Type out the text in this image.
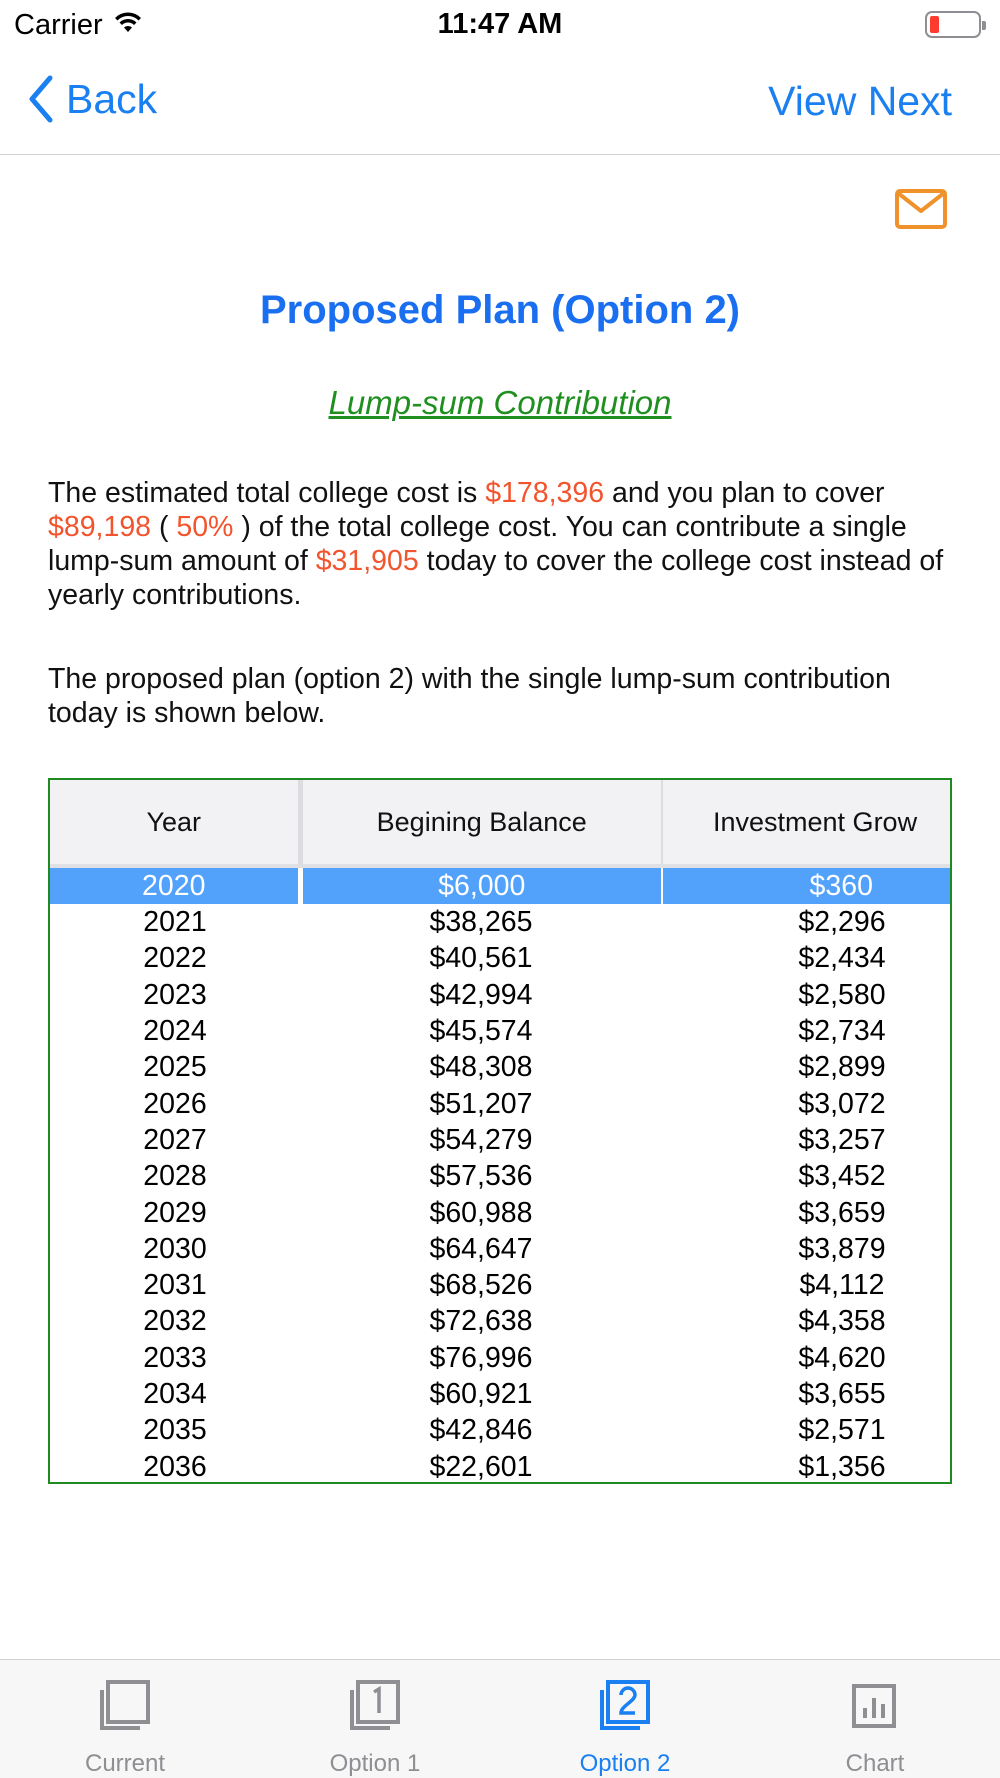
Carrier	11:47 AM
Back	View Next
Proposed Plan (Option 2)
Lump-sum Contribution
The estimated total college cost is $178,396 and you plan to cover $89,198 ( 50% ) of the total college cost. You can contribute a single lump-sum amount of $31,905 today to cover the college cost instead of yearly contributions.
The proposed plan (option 2) with the single lump-sum contribution today is shown below.
Year	Begining Balance	Investment Grow	
2020	$6,000	$360	
2021	$38,265	$2,296	
2022	$40,561	$2,434	
2023	$42,994	$2,580	
2024	$45,574	$2,734	
2025	$48,308	$2,899	
2026	$51,207	$3,072	
2027	$54,279	$3,257	
2028	$57,536	$3,452	
2029	$60,988	$3,659	
2030	$64,647	$3,879	
2031	$68,526	$4,112	
2032	$72,638	$4,358	
2033	$76,996	$4,620	
2034	$60,921	$3,655	
2035	$42,846	$2,571	
2036	$22,601	$1,356	
Current	Option 1	Option 2	Chart
